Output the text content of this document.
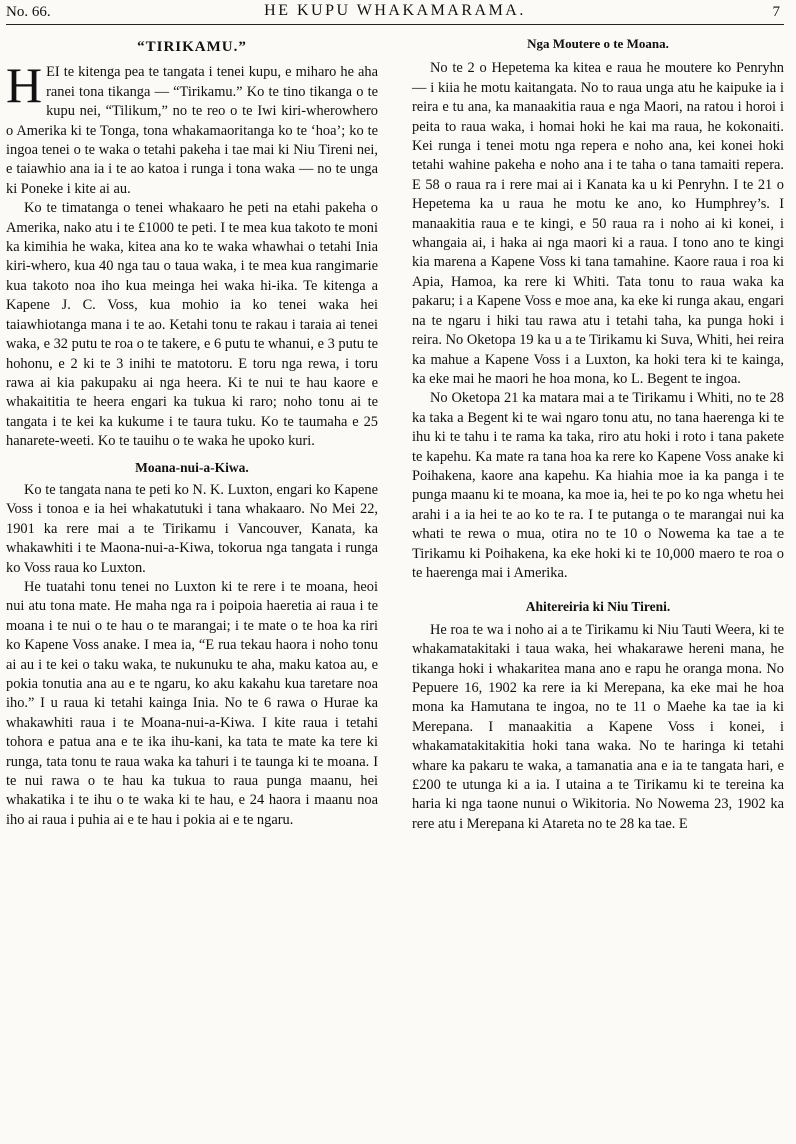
No. 66.	HE KUPU WHAKAMARAMA.	7
“TIRIKAMU.”

HEI te kitenga pea te tangata i tenei kupu, e miharo he aha ranei tona tikanga — “Tirikamu.” Ko te tino tikanga o te kupu nei, “Tilikum,” no te reo o te Iwi kiri-wherowhero o Amerika ki te Tonga, tona whakamaoritanga ko te ‘hoa’; ko te ingoa tenei o te waka o tetahi pakeha i tae mai ki Niu Tireni nei, e taiawhio ana ia i te ao katoa i runga i tona waka — no te unga ki Poneke i kite ai au.

Ko te timatanga o tenei whakaaro he peti na etahi pakeha o Amerika, nako atu i te £1000 te peti. I te mea kua takoto te moni ka kimihia he waka, kitea ana ko te waka whawhai o tetahi Inia kiri-whero, kua 40 nga tau o taua waka, i te mea kua rangimarie kua takoto noa iho kua meinga hei waka hi-ika. Te kitenga a Kapene J. C. Voss, kua mohio ia ko tenei waka hei taiawhiotanga mana i te ao. Ketahi tonu te rakau i taraia ai tenei waka, e 32 putu te roa o te takere, e 6 putu te whanui, e 3 putu te hohonu, e 2 ki te 3 inihi te matotoru. E toru nga rewa, i toru rawa ai kia pakupaku ai nga heera. Ki te nui te hau kaore e whakaititia te heera engari ka tukua ki raro; noho tonu ai te tangata i te kei ka kukume i te taura tuku. Ko te taumaha e 25 hanarete-weeti. Ko te tauihu o te waka he upoko kuri.

Moana-nui-a-Kiwa.

Ko te tangata nana te peti ko N. K. Luxton, engari ko Kapene Voss i tonoa e ia hei whakatutuki i tana whakaaro. No Mei 22, 1901 ka rere mai a te Tirikamu i Vancouver, Kanata, ka whakawhiti i te Maona-nui-a-Kiwa, tokorua nga tangata i runga ko Voss raua ko Luxton.

He tuatahi tonu tenei no Luxton ki te rere i te moana, heoi nui atu tona mate. He maha nga ra i poipoia haeretia ai raua i te moana i te nui o te hau o te marangai; i te mate o te hoa ka riri ko Kapene Voss anake. I mea ia, “E rua tekau haora i noho tonu ai au i te kei o taku waka, te nukunuku te aha, maku katoa au, e pokia tonutia ana au e te ngaru, ko aku kakahu kua taretare noa iho.” I u raua ki tetahi kainga Inia. No te 6 rawa o Hurae ka whakawhiti raua i te Moana-nui-a-Kiwa. I kite raua i tetahi tohora e patua ana e te ika ihu-kani, ka tata te mate ka tere ki runga, tata tonu te raua waka ka tahuri i te taunga ki te moana. I te nui rawa o te hau ka tukua to raua punga maanu, hei whakatika i te ihu o te waka ki te hau, e 24 haora i maanu noa iho ai raua i puhia ai e te hau i pokia ai e te ngaru.

Nga Moutere o te Moana.

No te 2 o Hepetema ka kitea e raua he moutere ko Penryhn — i kiia he motu kaitangata. No to raua unga atu he kaipuke ia i reira e tu ana, ka manaakitia raua e nga Maori, na ratou i horoi i peita to raua waka, i homai hoki he kai ma raua, he kokonaiti. Kei runga i tenei motu nga repera e noho ana, kei konei hoki tetahi wahine pakeha e noho ana i te taha o tana tamaiti repera. E 58 o raua ra i rere mai ai i Kanata ka u ki Penryhn. I te 21 o Hepetema ka u raua he motu ke ano, ko Humphrey’s. I manaakitia raua e te kingi, e 50 raua ra i noho ai ki konei, i whangaia ai, i haka ai nga maori ki a raua. I tono ano te kingi kia marena a Kapene Voss ki tana tamahine. Kaore raua i roa ki Apia, Hamoa, ka rere ki Whiti. Tata tonu to raua waka ka pakaru; i a Kapene Voss e moe ana, ka eke ki runga akau, engari na te ngaru i hiki tau rawa atu i tetahi taha, ka punga hoki i reira. No Oketopa 19 ka u a te Tirikamu ki Suva, Whiti, hei reira ka mahue a Kapene Voss i a Luxton, ka hoki tera ki te kainga, ka eke mai he maori he hoa mona, ko L. Begent te ingoa.

No Oketopa 21 ka matara mai a te Tirikamu i Whiti, no te 28 ka taka a Begent ki te wai ngaro tonu atu, no tana haerenga ki te ihu ki te tahu i te rama ka taka, riro atu hoki i roto i tana pakete te kapehu. Ka mate ra tana hoa ka rere ko Kapene Voss anake ki Poihakena, kaore ana kapehu. Ka hiahia moe ia ka panga i te punga maanu ki te moana, ka moe ia, hei te po ko nga whetu hei arahi i a ia hei te ao ko te ra. I te putanga o te marangai nui ka whati te rewa o mua, otira no te 10 o Nowema ka tae a te Tirikamu ki Poihakena, ka eke hoki ki te 10,000 maero te roa o te haerenga mai i Amerika.

Ahitereiria ki Niu Tireni.

He roa te wa i noho ai a te Tirikamu ki Niu Tauti Weera, ki te whakamatakitaki i taua waka, hei whakarawe hereni mana, he tikanga hoki i whakaritea mana ano e rapu he oranga mona. No Pepuere 16, 1902 ka rere ia ki Merepana, ka eke mai he hoa mona ka Hamutana te ingoa, no te 11 o Maehe ka tae ia ki Merepana. I manaakitia a Kapene Voss i konei, i whakamatakitakitia hoki tana waka. No te haringa ki tetahi whare ka pakaru te waka, a tamanatia ana e ia te tangata hari, e £200 te utunga ki a ia. I utaina a te Tirikamu ki te tereina ka haria ki nga taone nunui o Wikitoria. No Nowema 23, 1902 ka rere atu i Merepana ki Atareta no te 28 ka tae. E
